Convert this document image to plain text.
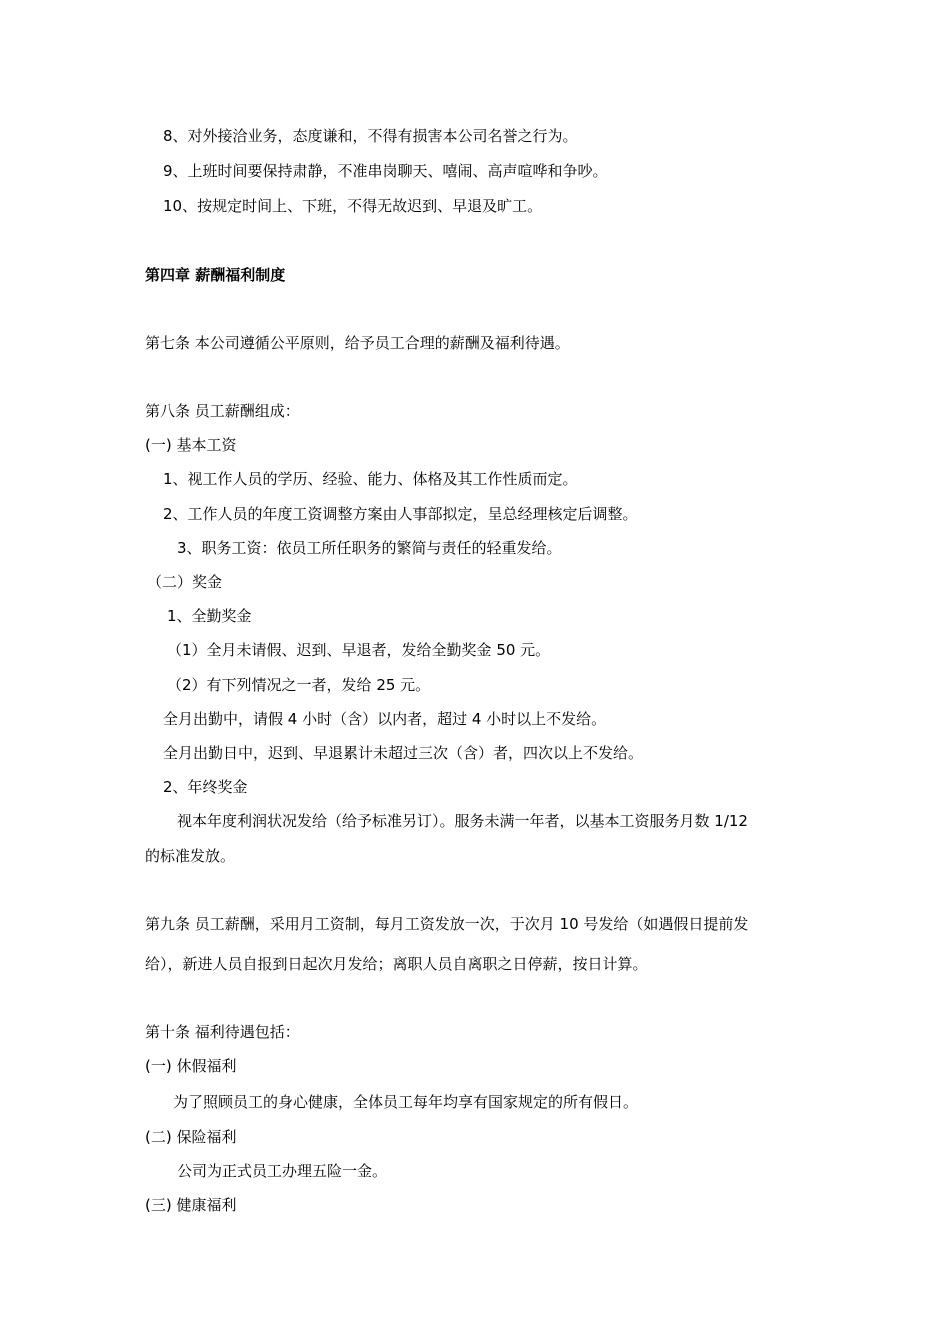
8、对外接洽业务，态度谦和，不得有损害本公司名誉之行为。
9、上班时间要保持肃静，不准串岗聊天、嘻闹、高声喧哗和争吵。
10、按规定时间上、下班，不得无故迟到、早退及旷工。
第四章 薪酬福利制度
第七条 本公司遵循公平原则，给予员工合理的薪酬及福利待遇。
第八条 员工薪酬组成：
(一) 基本工资
1、视工作人员的学历、经验、能力、体格及其工作性质而定。
2、工作人员的年度工资调整方案由人事部拟定，呈总经理核定后调整。
3、职务工资：依员工所任职务的繁简与责任的轻重发给。
（二）奖金
1、全勤奖金
（1）全月未请假、迟到、早退者，发给全勤奖金 50 元。
（2）有下列情况之一者，发给 25 元。
全月出勤中，请假 4 小时（含）以内者，超过 4 小时以上不发给。
全月出勤日中，迟到、早退累计未超过三次（含）者，四次以上不发给。
2、年终奖金
视本年度利润状况发给（给予标准另订）。服务未满一年者，以基本工资服务月数 1/12
的标准发放。
第九条 员工薪酬，采用月工资制，每月工资发放一次，于次月 10 号发给（如遇假日提前发
给），新进人员自报到日起次月发给；离职人员自离职之日停薪，按日计算。
第十条 福利待遇包括：
(一) 休假福利
为了照顾员工的身心健康，全体员工每年均享有国家规定的所有假日。
(二) 保险福利
公司为正式员工办理五险一金。
(三) 健康福利
